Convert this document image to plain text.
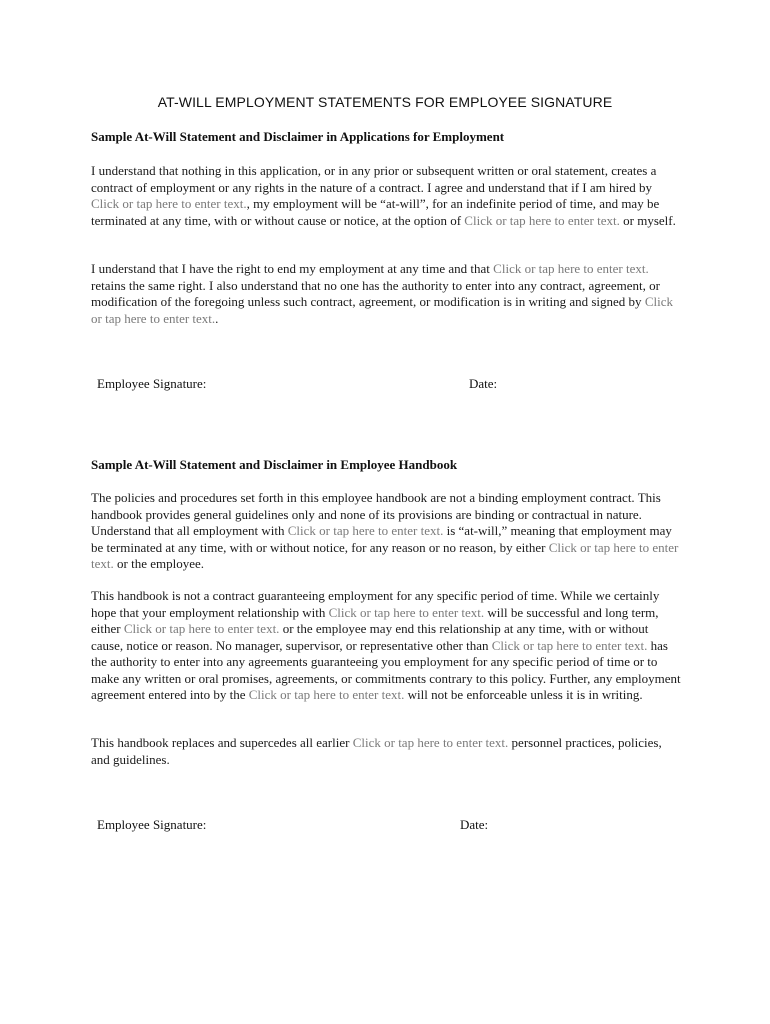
AT-WILL EMPLOYMENT STATEMENTS FOR EMPLOYEE SIGNATURE
Sample At-Will Statement and Disclaimer in Applications for Employment

I understand that nothing in this application, or in any prior or subsequent written or oral statement, creates a contract of employment or any rights in the nature of a contract. I agree and understand that if I am hired by Click or tap here to enter text., my employment will be “at-will”, for an indefinite period of time, and may be terminated at any time, with or without cause or notice, at the option of Click or tap here to enter text. or myself.

I understand that I have the right to end my employment at any time and that Click or tap here to enter text. retains the same right. I also understand that no one has the authority to enter into any contract, agreement, or modification of the foregoing unless such contract, agreement, or modification is in writing and signed by Click or tap here to enter text..

Employee Signature:	Date:
Sample At-Will Statement and Disclaimer in Employee Handbook

The policies and procedures set forth in this employee handbook are not a binding employment contract. This handbook provides general guidelines only and none of its provisions are binding or contractual in nature. Understand that all employment with Click or tap here to enter text. is “at-will,” meaning that employment may be terminated at any time, with or without notice, for any reason or no reason, by either Click or tap here to enter text. or the employee.

This handbook is not a contract guaranteeing employment for any specific period of time. While we certainly hope that your employment relationship with Click or tap here to enter text. will be successful and long term, either Click or tap here to enter text. or the employee may end this relationship at any time, with or without cause, notice or reason. No manager, supervisor, or representative other than Click or tap here to enter text. has the authority to enter into any agreements guaranteeing you employment for any specific period of time or to make any written or oral promises, agreements, or commitments contrary to this policy. Further, any employment agreement entered into by the Click or tap here to enter text. will not be enforceable unless it is in writing.

This handbook replaces and supercedes all earlier Click or tap here to enter text. personnel practices, policies, and guidelines.

Employee Signature:	Date:
